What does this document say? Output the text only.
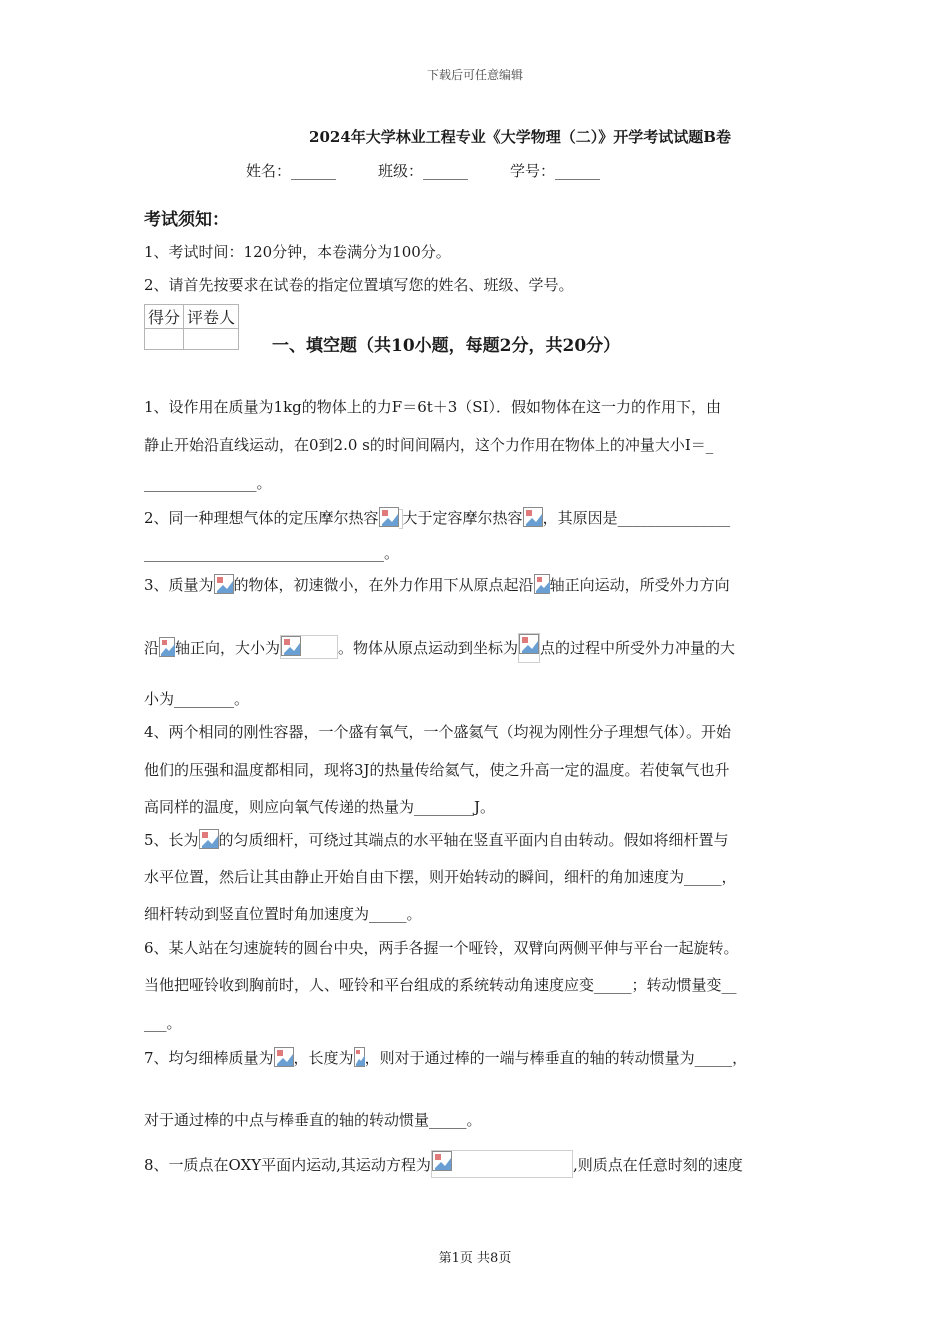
下载后可任意编辑
2024年大学林业工程专业《大学物理（二）》开学考试试题B卷
姓名：______	班级：______	学号：______
考试须知：
1、考试时间：120分钟，本卷满分为100分。
2、请首先按要求在试卷的指定位置填写您的姓名、班级、学号。
得分	评卷人

一、填空题（共10小题，每题2分，共20分）
1、设作用在质量为1kg的物体上的力F＝6t＋3（SI）．假如物体在这一力的作用下，由
静止开始沿直线运动，在0到2.0 s的时间间隔内，这个力作用在物体上的冲量大小I＝_
_______________。
2、同一种理想气体的定压摩尔热容 大于定容摩尔热容 ，其原因是_______________
________________________________。
3、质量为 的物体，初速微小，在外力作用下从原点起沿 轴正向运动，所受外力方向
沿 轴正向，大小为	。物体从原点运动到坐标为 点的过程中所受外力冲量的大
小为________。
4、两个相同的刚性容器，一个盛有氧气，一个盛氦气（均视为刚性分子理想气体）。开始
他们的压强和温度都相同，现将3J的热量传给氦气，使之升高一定的温度。若使氧气也升
高同样的温度，则应向氧气传递的热量为________J。
5、长为 的匀质细杆，可绕过其端点的水平轴在竖直平面内自由转动。假如将细杆置与
水平位置，然后让其由静止开始自由下摆，则开始转动的瞬间，细杆的角加速度为_____，
细杆转动到竖直位置时角加速度为_____。
6、某人站在匀速旋转的圆台中央，两手各握一个哑铃，双臂向两侧平伸与平台一起旋转。
当他把哑铃收到胸前时，人、哑铃和平台组成的系统转动角速度应变_____；转动惯量变__
___。
7、均匀细棒质量为 ，长度为 ，则对于通过棒的一端与棒垂直的轴的转动惯量为_____，
对于通过棒的中点与棒垂直的轴的转动惯量_____。
8、一质点在OXY平面内运动,其运动方程为	,则质点在任意时刻的速度
第1页 共8页
